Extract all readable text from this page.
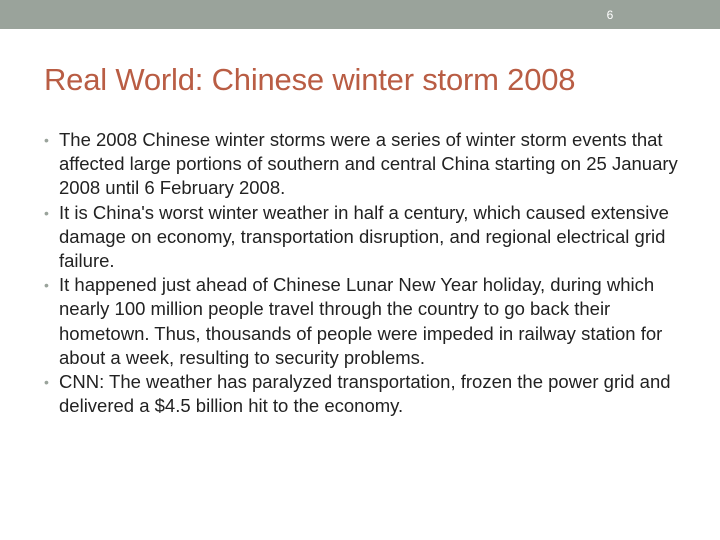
6
Real World: Chinese winter storm 2008
• The 2008 Chinese winter storms were a series of winter storm events that affected large portions of southern and central China starting on 25 January 2008 until 6 February 2008.
• It is China's worst winter weather in half a century, which caused extensive damage on economy, transportation disruption, and regional electrical grid failure.
• It happened just ahead of Chinese Lunar New Year holiday, during which nearly 100 million people travel through the country to go back their hometown. Thus, thousands of people were impeded in railway station for about a week, resulting to security problems.
• CNN: The weather has paralyzed transportation, frozen the power grid and delivered a $4.5 billion hit to the economy.
